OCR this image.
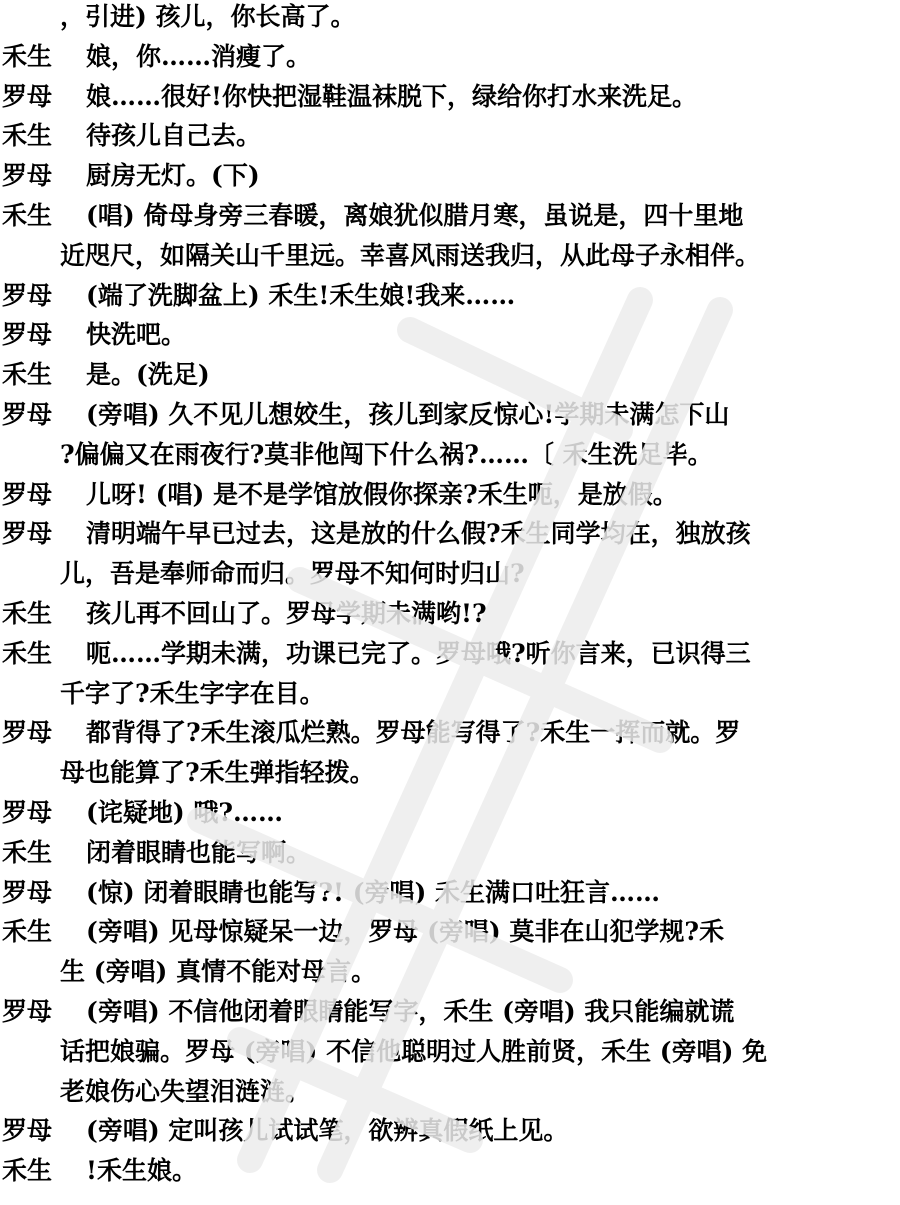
，引进) 孩儿，你长高了。
禾生	娘，你……消瘦了。
罗母	娘……很好!你快把湿鞋温袜脱下，绿给你打水来洗足。
禾生	待孩儿自己去。
罗母	厨房无灯。(下)
禾生	(唱) 倚母身旁三春暖，离娘犹似腊月寒，虽说是，四十里地
近咫尺，如隔关山千里远。幸喜风雨送我归，从此母子永相伴。
罗母	(端了洗脚盆上) 禾生!禾生娘!我来……
罗母	快洗吧。
禾生	是。(洗足)
罗母	(旁唱) 久不见儿想姣生，孩儿到家反惊心!学期未满怎下山
?偏偏又在雨夜行?莫非他闯下什么祸?……〔 禾生洗足毕。
罗母	儿呀! (唱) 是不是学馆放假你探亲?禾生呃，是放假。
罗母	清明端午早已过去，这是放的什么假?禾生同学均在，独放孩
儿，吾是奉师命而归。罗母不知何时归山?
禾生	孩儿再不回山了。罗母学期未满哟!?
禾生	呃……学期未满，功课已完了。罗母哦?听你言来，已识得三
千字了?禾生字字在目。
罗母	都背得了?禾生滚瓜烂熟。罗母能写得了?禾生一挥而就。罗
母也能算了?禾生弹指轻拨。
罗母	(诧疑地) 哦?……
禾生	闭着眼睛也能写啊。
罗母	(惊) 闭着眼睛也能写?! (旁唱) 禾生满口吐狂言……
禾生	(旁唱) 见母惊疑呆一边，罗母 (旁唱) 莫非在山犯学规?禾
生 (旁唱) 真情不能对母言。
罗母	(旁唱) 不信他闭着眼睛能写字，禾生 (旁唱) 我只能编就谎
话把娘骗。罗母 (旁唱) 不信他聪明过人胜前贤，禾生 (旁唱) 免
老娘伤心失望泪涟涟。
罗母	(旁唱) 定叫孩儿试试笔，欲辨真假纸上见。
禾生	!禾生娘。
